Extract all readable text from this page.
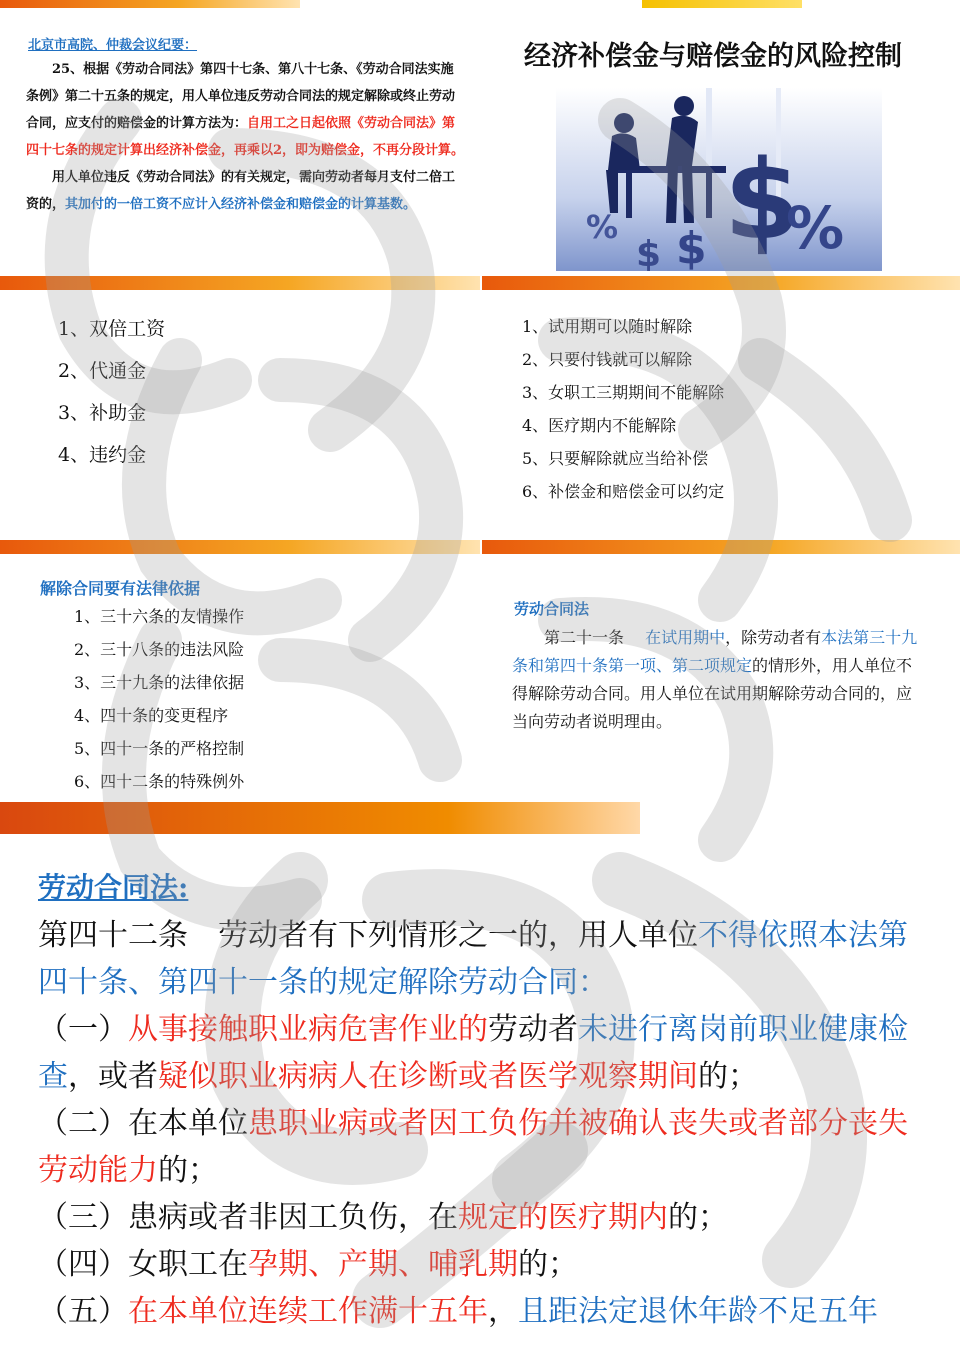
北京市高院、仲裁会议纪要：

25、根据《劳动合同法》第四十七条、第八十七条、《劳动合同法实施条例》第二十五条的规定，用人单位违反劳动合同法的规定解除或终止劳动合同，应支付的赔偿金的计算方法为：自用工之日起依照《劳动合同法》第四十七条的规定计算出经济补偿金，再乘以2，即为赔偿金，不再分段计算。

用人单位违反《劳动合同法》的有关规定，需向劳动者每月支付二倍工资的，其加付的一倍工资不应计入经济补偿金和赔偿金的计算基数。

经济补偿金与赔偿金的风险控制
$
%
$
%
$
1、双倍工资
2、代通金
3、补助金
4、违约金
1、试用期可以随时解除
2、只要付钱就可以解除
3、女职工三期期间不能解除
4、医疗期内不能解除
5、只要解除就应当给补偿
6、补偿金和赔偿金可以约定
解除合同要有法律依据
1、三十六条的友情操作
2、三十八条的违法风险
3、三十九条的法律依据
4、四十条的变更程序
5、四十一条的严格控制
6、四十二条的特殊例外
劳动合同法

第二十一条　 在试用期中，除劳动者有本法第三十九条和第四十条第一项、第二项规定的情形外，用人单位不得解除劳动合同。用人单位在试用期解除劳动合同的，应当向劳动者说明理由。

劳动合同法:

第四十二条　劳动者有下列情形之一的，用人单位不得依照本法第四十条、第四十一条的规定解除劳动合同：

（一）从事接触职业病危害作业的劳动者未进行离岗前职业健康检查，或者疑似职业病病人在诊断或者医学观察期间的；

（二）在本单位患职业病或者因工负伤并被确认丧失或者部分丧失劳动能力的；

（三）患病或者非因工负伤，在规定的医疗期内的；

（四）女职工在孕期、产期、哺乳期的；

（五）在本单位连续工作满十五年，且距法定退休年龄不足五年
